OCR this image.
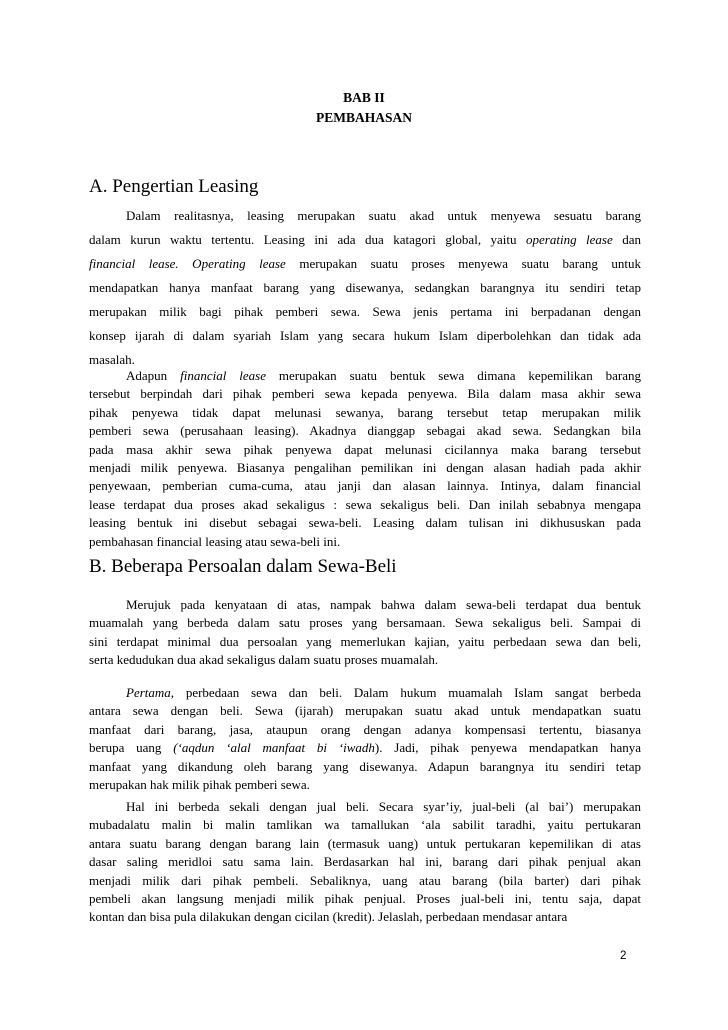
BAB II
PEMBAHASAN
A. Pengertian Leasing
Dalam realitasnya, leasing merupakan suatu akad untuk menyewa sesuatu barang
dalam kurun waktu tertentu. Leasing ini ada dua katagori global, yaitu operating lease dan
financial lease. Operating lease merupakan suatu proses menyewa suatu barang untuk
mendapatkan hanya manfaat barang yang disewanya, sedangkan barangnya itu sendiri tetap
merupakan milik bagi pihak pemberi sewa. Sewa jenis pertama ini berpadanan dengan
konsep ijarah di dalam syariah Islam yang secara hukum Islam diperbolehkan dan tidak ada
masalah.
Adapun financial lease merupakan suatu bentuk sewa dimana kepemilikan barang
tersebut berpindah dari pihak pemberi sewa kepada penyewa. Bila dalam masa akhir sewa
pihak penyewa tidak dapat melunasi sewanya, barang tersebut tetap merupakan milik
pemberi sewa (perusahaan leasing). Akadnya dianggap sebagai akad sewa. Sedangkan bila
pada masa akhir sewa pihak penyewa dapat melunasi cicilannya maka barang tersebut
menjadi milik penyewa. Biasanya pengalihan pemilikan ini dengan alasan hadiah pada akhir
penyewaan, pemberian cuma-cuma, atau janji dan alasan lainnya. Intinya, dalam financial
lease terdapat dua proses akad sekaligus : sewa sekaligus beli. Dan inilah sebabnya mengapa
leasing bentuk ini disebut sebagai sewa-beli. Leasing dalam tulisan ini dikhususkan pada
pembahasan financial leasing atau sewa-beli ini.
B. Beberapa Persoalan dalam Sewa-Beli
Merujuk pada kenyataan di atas, nampak bahwa dalam sewa-beli terdapat dua bentuk
muamalah yang berbeda dalam satu proses yang bersamaan. Sewa sekaligus beli. Sampai di
sini terdapat minimal dua persoalan yang memerlukan kajian, yaitu perbedaan sewa dan beli,
serta kedudukan dua akad sekaligus dalam suatu proses muamalah.
Pertama, perbedaan sewa dan beli. Dalam hukum muamalah Islam sangat berbeda
antara sewa dengan beli. Sewa (ijarah) merupakan suatu akad untuk mendapatkan suatu
manfaat dari barang, jasa, ataupun orang dengan adanya kompensasi tertentu, biasanya
berupa uang (‘aqdun ‘alal manfaat bi ‘iwadh). Jadi, pihak penyewa mendapatkan hanya
manfaat yang dikandung oleh barang yang disewanya. Adapun barangnya itu sendiri tetap
merupakan hak milik pihak pemberi sewa.
Hal ini berbeda sekali dengan jual beli. Secara syar’iy, jual-beli (al bai’) merupakan
mubadalatu malin bi malin tamlikan wa tamallukan ‘ala sabilit taradhi, yaitu pertukaran
antara suatu barang dengan barang lain (termasuk uang) untuk pertukaran kepemilikan di atas
dasar saling meridloi satu sama lain. Berdasarkan hal ini, barang dari pihak penjual akan
menjadi milik dari pihak pembeli. Sebaliknya, uang atau barang (bila barter) dari pihak
pembeli akan langsung menjadi milik pihak penjual. Proses jual-beli ini, tentu saja, dapat
kontan dan bisa pula dilakukan dengan cicilan (kredit). Jelaslah, perbedaan mendasar antara
2
